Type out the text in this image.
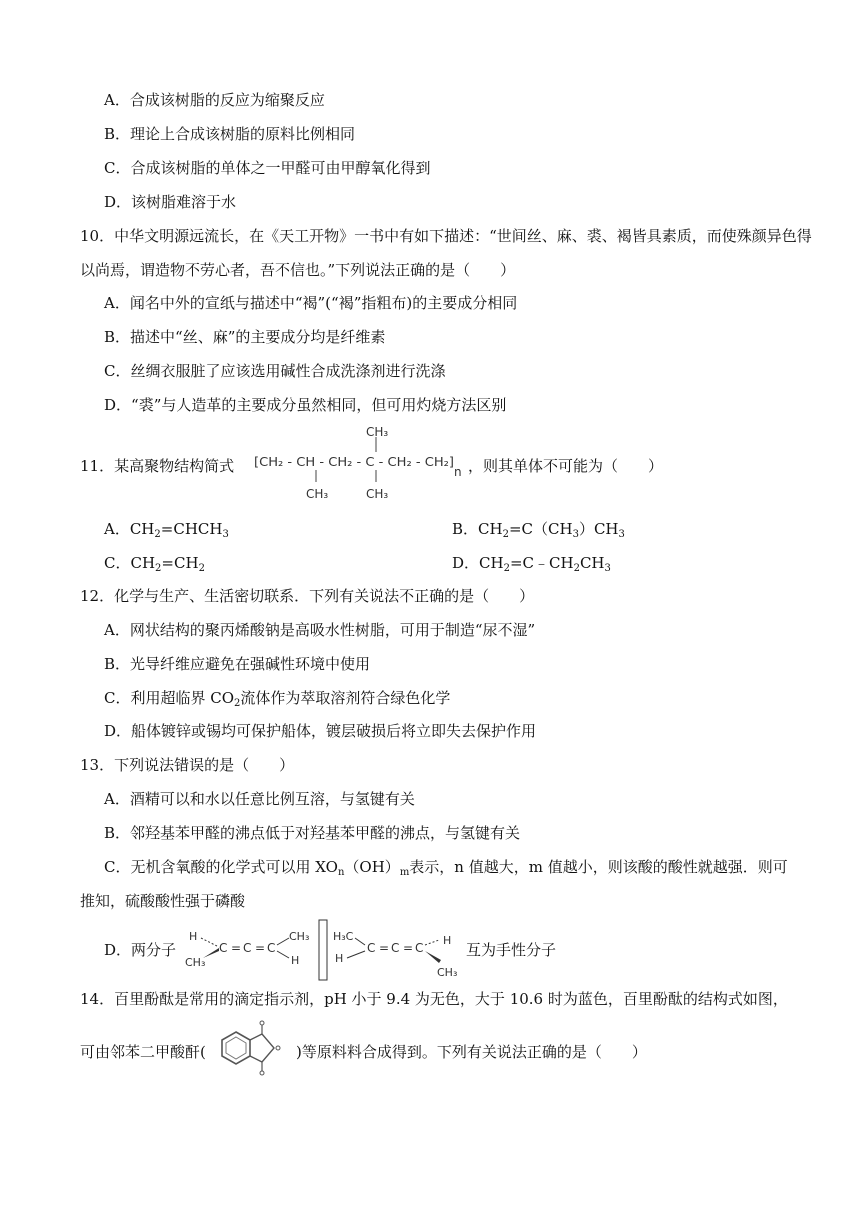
A．合成该树脂的反应为缩聚反应
B．理论上合成该树脂的原料比例相同
C．合成该树脂的单体之一甲醛可由甲醇氧化得到
D．该树脂难溶于水
10．中华文明源远流长，在《天工开物》一书中有如下描述：“世间丝、麻、裘、褐皆具素质，而使殊颜异色得以尚焉，谓造物不劳心者，吾不信也。”下列说法正确的是（　　）
A．闻名中外的宣纸与描述中“褐”(“褐”指粗布)的主要成分相同
B．描述中“丝、麻”的主要成分均是纤维素
C．丝绸衣服脏了应该选用碱性合成洗涤剂进行洗涤
D．“裘”与人造革的主要成分虽然相同，但可用灼烧方法区别
11．某高聚物结构简式
CH₃
[CH₂ - CH - CH₂ - C - CH₂ - CH₂]
n
CH₃	CH₃
，则其单体不可能为（　　）
A．$CH_2=CHCH_3$	B．$CH_2=C(CH_3)CH_3$
C．$CH_2=CH_2$	D．$CH_2=C﹣CH_2CH_3$
12．化学与生产、生活密切联系．下列有关说法不正确的是（　　）
A．网状结构的聚丙烯酸钠是高吸水性树脂，可用于制造“尿不湿”
B．光导纤维应避免在强碱性环境中使用
C．利用超临界 $CO_2$流体作为萃取溶剂符合绿色化学
D．船体镀锌或锡均可保护船体，镀层破损后将立即失去保护作用
13．下列说法错误的是（　　）
A．酒精可以和水以任意比例互溶，与氢键有关
B．邻羟基苯甲醛的沸点低于对羟基苯甲醛的沸点，与氢键有关
C．无机含氧酸的化学式可以用 $XO_n(OH)_m$表示，n 值越大，m 值越小，则该酸的酸性就越强．则可
推知，硫酸酸性强于磷酸
D．两分子
H
CH₃
C = C = C
CH₃
H
H₃C
H
C = C = C
H
CH₃
互为手性分子
14．百里酚酞是常用的滴定指示剂，pH 小于 9.4 为无色，大于 10.6 时为蓝色，百里酚酞的结构式如图，
可由邻苯二甲酸酐(	)等原料料合成得到。下列有关说法正确的是（　　）
